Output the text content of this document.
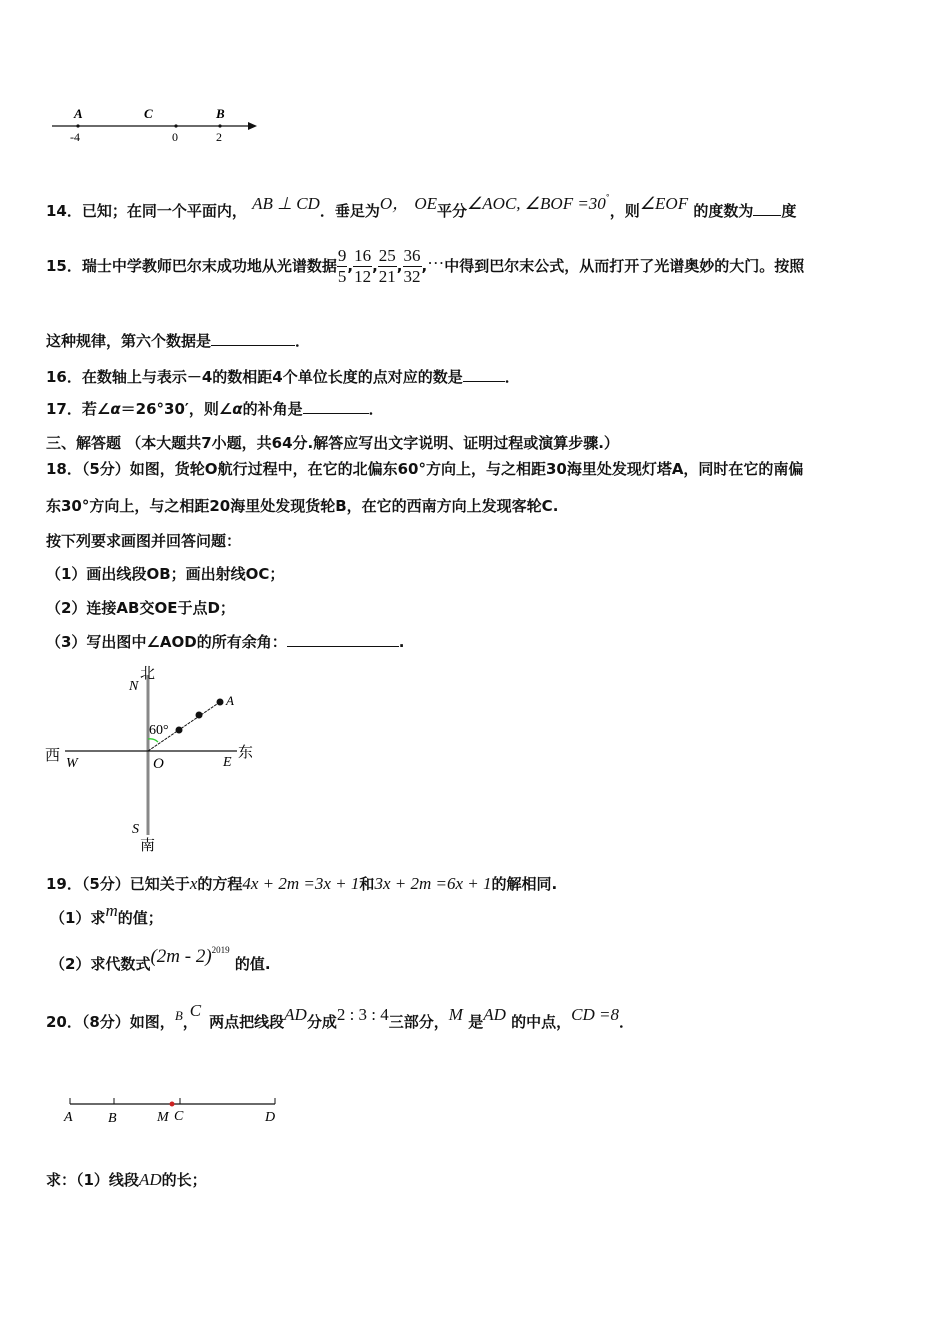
A	C	B
-4	0	2
14．已知；在同一个平面内， AB ⊥ CD．垂足为O， OE平分∠AOC, ∠BOF =30°，则∠EOF 的度数为 度
15．瑞士中学教师巴尔末成功地从光谱数据 $\frac{9}{5}$ , $\frac{16}{12}$ , $\frac{25}{21}$ , $\frac{36}{32}$ ,…中得到巴尔末公式，从而打开了光谱奥妙的大门。按照
这种规律，第六个数据是	．
16．在数轴上与表示－4的数相距4个单位长度的点对应的数是	．
17．若∠α＝26°30′，则∠α的补角是	．
三、解答题 （本大题共7小题，共64分.解答应写出文字说明、证明过程或演算步骤.）
18．（5分）如图，货轮O航行过程中，在它的北偏东60°方向上，与之相距30海里处发现灯塔A，同时在它的南偏
东30°方向上，与之相距20海里处发现货轮B，在它的西南方向上发现客轮C.
按下列要求画图并回答问题：
（1）画出线段OB；画出射线OC；
（2）连接AB交OE于点D；
（3）写出图中∠AOD的所有余角：	.
北
N
60°
A
西 W	O	E
东
S
南
19．（5分）已知关于x的方程4x + 2m =3x + 1和3x + 2m =6x + 1的解相同.
（1）求m的值；
（2）求代数式(2m - 2)$^{2019}$ 的值.
20．（8分）如图，B，C两点把线段AD分成2 : 3 : 4三部分，M 是AD 的中点，CD =8．
A	B	M C	D
求：（1）线段AD的长；
